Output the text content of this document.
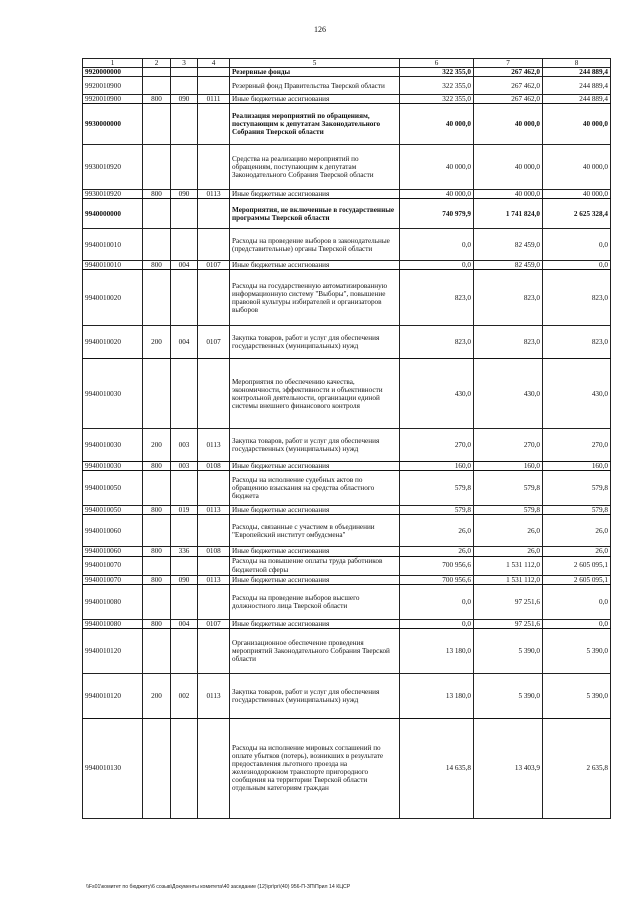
126
1	2	3	4	5	6	7	8
9920000000				Резервные фонды	322 355,0	267 462,0	244 889,4
9920010900				Резервный фонд Правительства Тверской области	322 355,0	267 462,0	244 889,4
9920010900	800	090	0111	Иные бюджетные ассигнования	322 355,0	267 462,0	244 889,4
9930000000				Реализация мероприятий по обращениям, поступающим к депутатам Законодательного Собрания Тверской области	40 000,0	40 000,0	40 000,0
9930010920				Средства на реализацию мероприятий по обращениям, поступающим к депутатам Законодательного Собрания Тверской области	40 000,0	40 000,0	40 000,0
9930010920	800	090	0113	Иные бюджетные ассигнования	40 000,0	40 000,0	40 000,0
9940000000				Мероприятия, не включенные в государственные программы Тверской области	740 979,9	1 741 824,0	2 625 328,4
9940010010				Расходы на проведение выборов в законодательные (представительные) органы Тверской области	0,0	82 459,0	0,0
9940010010	800	004	0107	Иные бюджетные ассигнования	0,0	82 459,0	0,0
9940010020				Расходы на государственную автоматизированную информационную систему "Выборы", повышение правовой культуры избирателей и организаторов выборов	823,0	823,0	823,0
9940010020	200	004	0107	Закупка товаров, работ и услуг для обеспечения государственных (муниципальных) нужд	823,0	823,0	823,0
9940010030				Мероприятия по обеспечению качества, экономичности, эффективности и объективности контрольной деятельности, организации единой системы внешнего финансового контроля	430,0	430,0	430,0
9940010030	200	003	0113	Закупка товаров, работ и услуг для обеспечения государственных (муниципальных) нужд	270,0	270,0	270,0
9940010030	800	003	0108	Иные бюджетные ассигнования	160,0	160,0	160,0
9940010050				Расходы на исполнение судебных актов по обращению взыскания на средства областного бюджета	579,8	579,8	579,8
9940010050	800	019	0113	Иные бюджетные ассигнования	579,8	579,8	579,8
9940010060				Расходы, связанные с участием в объединении "Европейский институт омбудсмена"	26,0	26,0	26,0
9940010060	800	336	0108	Иные бюджетные ассигнования	26,0	26,0	26,0
9940010070				Расходы на повышение оплаты труда работников бюджетной сферы	700 956,6	1 531 112,0	2 605 095,1
9940010070	800	090	0113	Иные бюджетные ассигнования	700 956,6	1 531 112,0	2 605 095,1
9940010080				Расходы на проведение выборов высшего должностного лица Тверской области	0,0	97 251,6	0,0
9940010080	800	004	0107	Иные бюджетные ассигнования	0,0	97 251,6	0,0
9940010120				Организационное обеспечение проведения мероприятий Законодательного Собрания Тверской области	13 180,0	5 390,0	5 390,0
9940010120	200	002	0113	Закупка товаров, работ и услуг для обеспечения государственных (муниципальных) нужд	13 180,0	5 390,0	5 390,0
9940010130				Расходы на исполнение мировых соглашений по оплате убытков (потерь), возникших в результате предоставления льготного проезда на железнодорожном транспорте пригородного сообщения на территории Тверской области отдельным категориям граждан	14 635,8	13 403,9	2 635,8
\\Fs01\комитет по бюджету\6 созыв\Документы комитета\40 заседание (12)\pr\pr\(40) 956-П-ЗП\Прил 14 КЦСР
